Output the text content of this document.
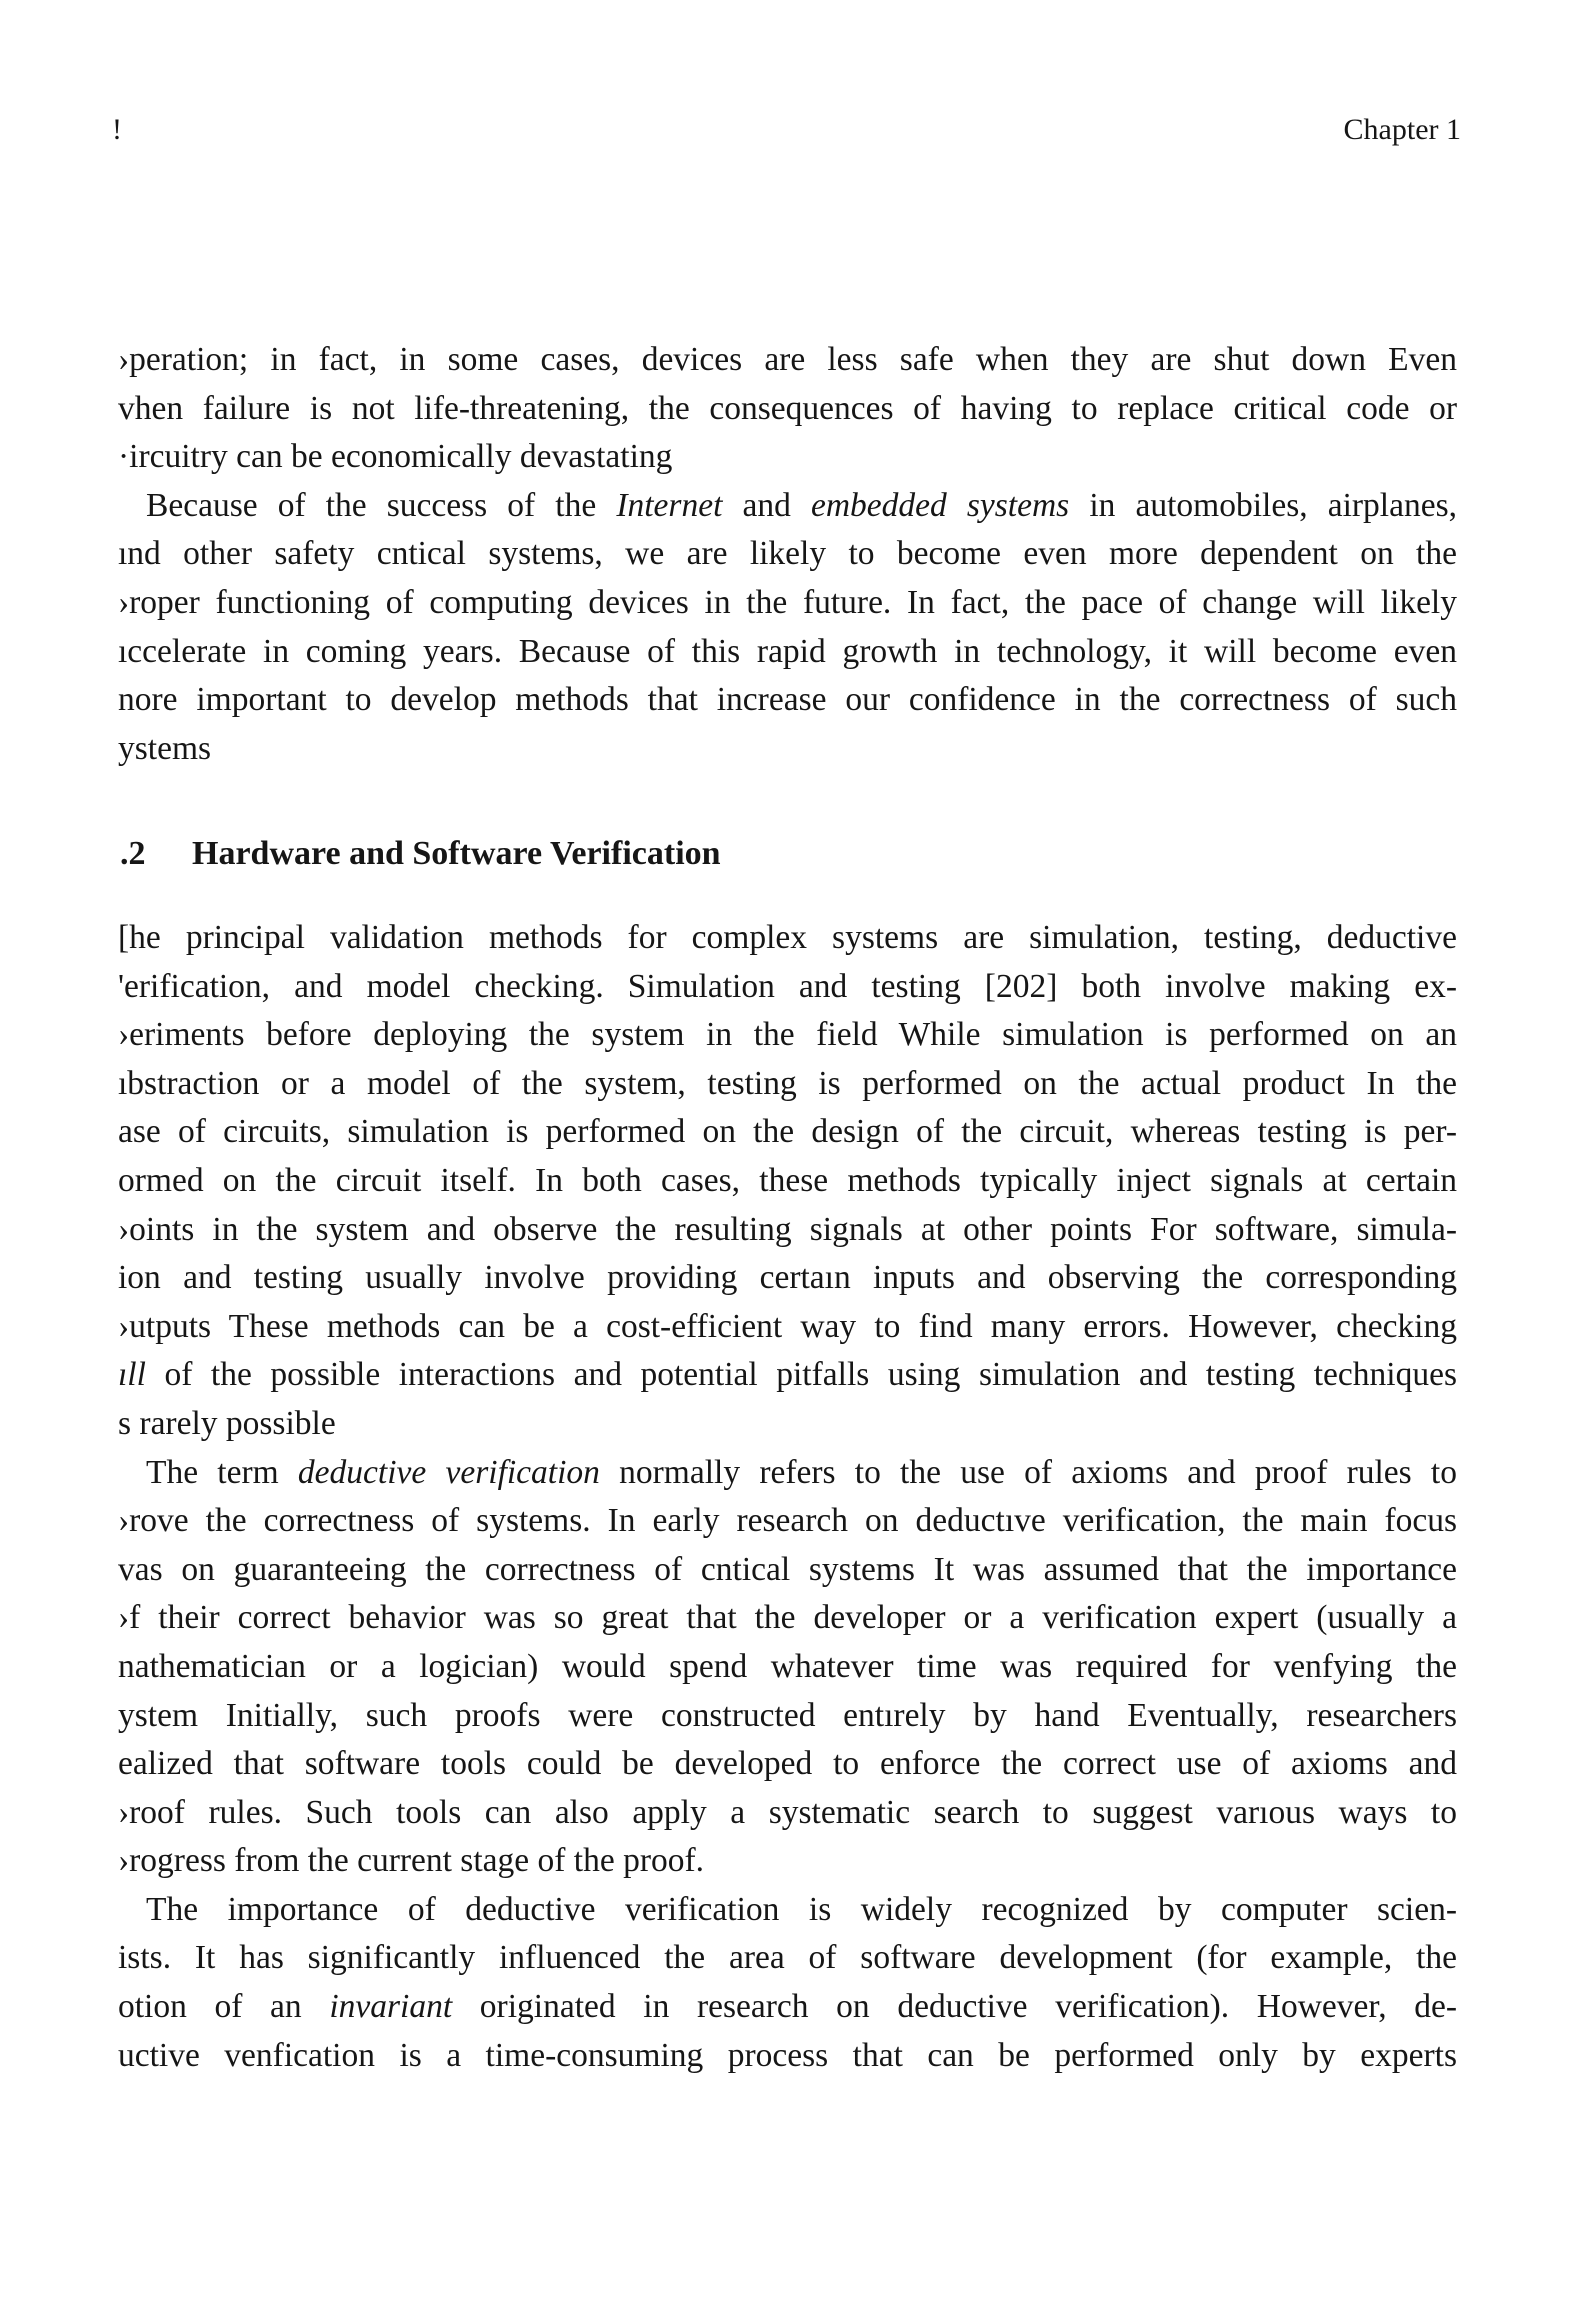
!	Chapter 1
›peration; in fact, in some cases, devices are less safe when they are shut down Even
vhen failure is not life-threatening, the consequences of having to replace critical code or
·ircuitry can be economically devastating
Because of the success of the Internet and embedded systems in automobiles, airplanes,
ınd other safety cntical systems, we are likely to become even more dependent on the
›roper functioning of computing devices in the future. In fact, the pace of change will likely
ıccelerate in coming years. Because of this rapid growth in technology, it will become even
nore important to develop methods that increase our confidence in the correctness of such
ystems
.2 Hardware and Software Verification
[he principal validation methods for complex systems are simulation, testing, deductive
'erification, and model checking. Simulation and testing [202] both involve making ex-
›eriments before deploying the system in the field While simulation is performed on an
ıbstraction or a model of the system, testing is performed on the actual product In the
ase of circuits, simulation is performed on the design of the circuit, whereas testing is per-
ormed on the circuit itself. In both cases, these methods typically inject signals at certain
›oints in the system and observe the resulting signals at other points For software, simula-
ion and testing usually involve providing certaın inputs and observing the corresponding
›utputs These methods can be a cost-efficient way to find many errors. However, checking
ıll of the possible interactions and potential pitfalls using simulation and testing techniques
s rarely possible
The term deductive verification normally refers to the use of axioms and proof rules to
›rove the correctness of systems. In early research on deductıve verification, the main focus
vas on guaranteeing the correctness of cntical systems It was assumed that the importance
›f their correct behavior was so great that the developer or a verification expert (usually a
nathematician or a logician) would spend whatever time was required for venfying the
ystem Initially, such proofs were constructed entırely by hand Eventually, researchers
ealized that software tools could be developed to enforce the correct use of axioms and
›roof rules. Such tools can also apply a systematic search to suggest varıous ways to
›rogress from the current stage of the proof.
The importance of deductive verification is widely recognized by computer scien-
ists. It has significantly influenced the area of software development (for example, the
otion of an invariant originated in research on deductive verification). However, de-
uctive venfication is a time-consuming process that can be performed only by experts
